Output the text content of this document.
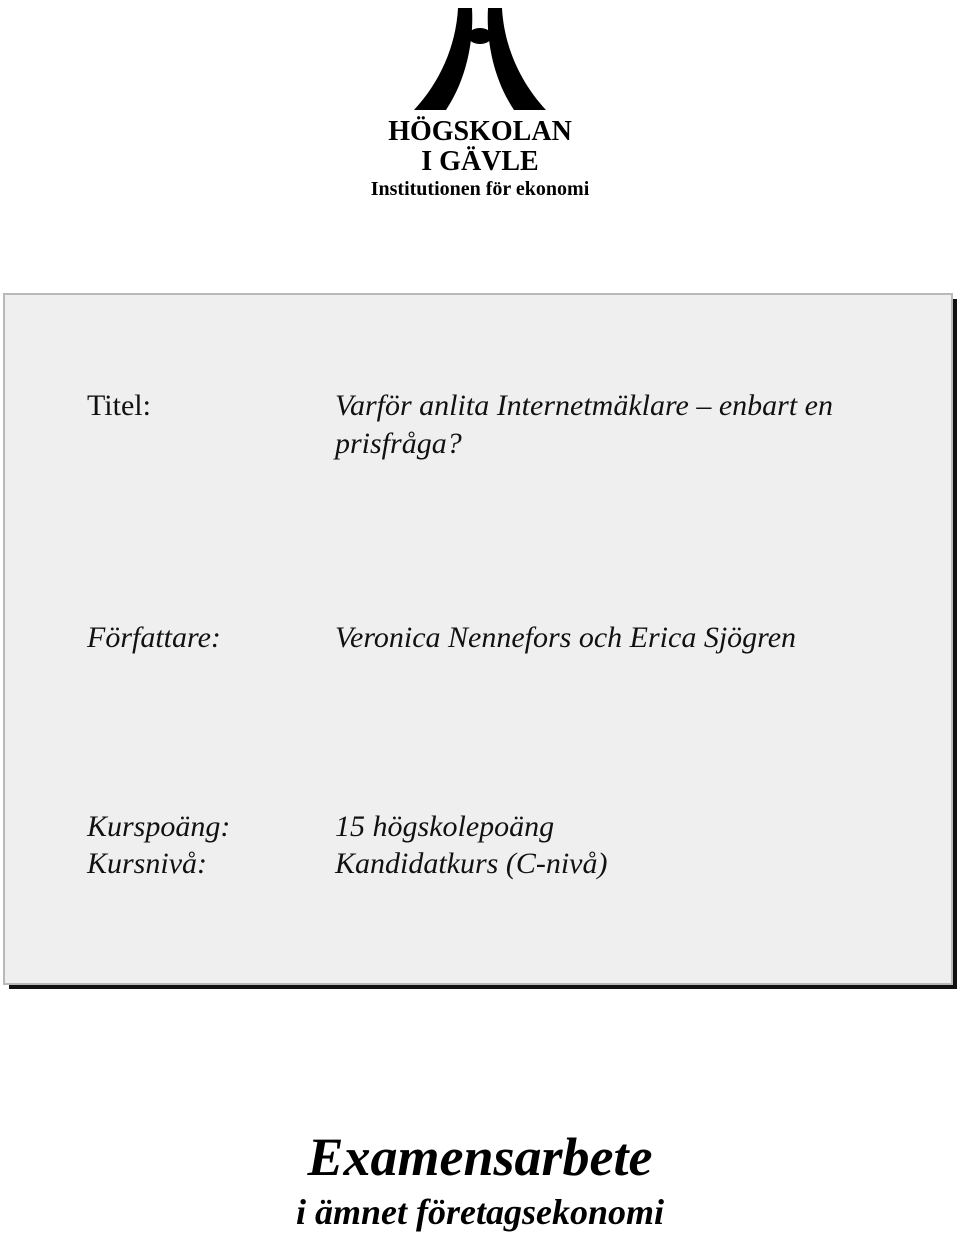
HÖGSKOLAN
I GÄVLE
Institutionen för ekonomi
Titel:	Varför anlita Internetmäklare – enbart en prisfråga?
Författare:	Veronica Nennefors och Erica Sjögren
Kurspoäng:	15 högskolepoäng
Kursnivå:	Kandidatkurs (C-nivå)
Examensarbete
i ämnet företagsekonomi
